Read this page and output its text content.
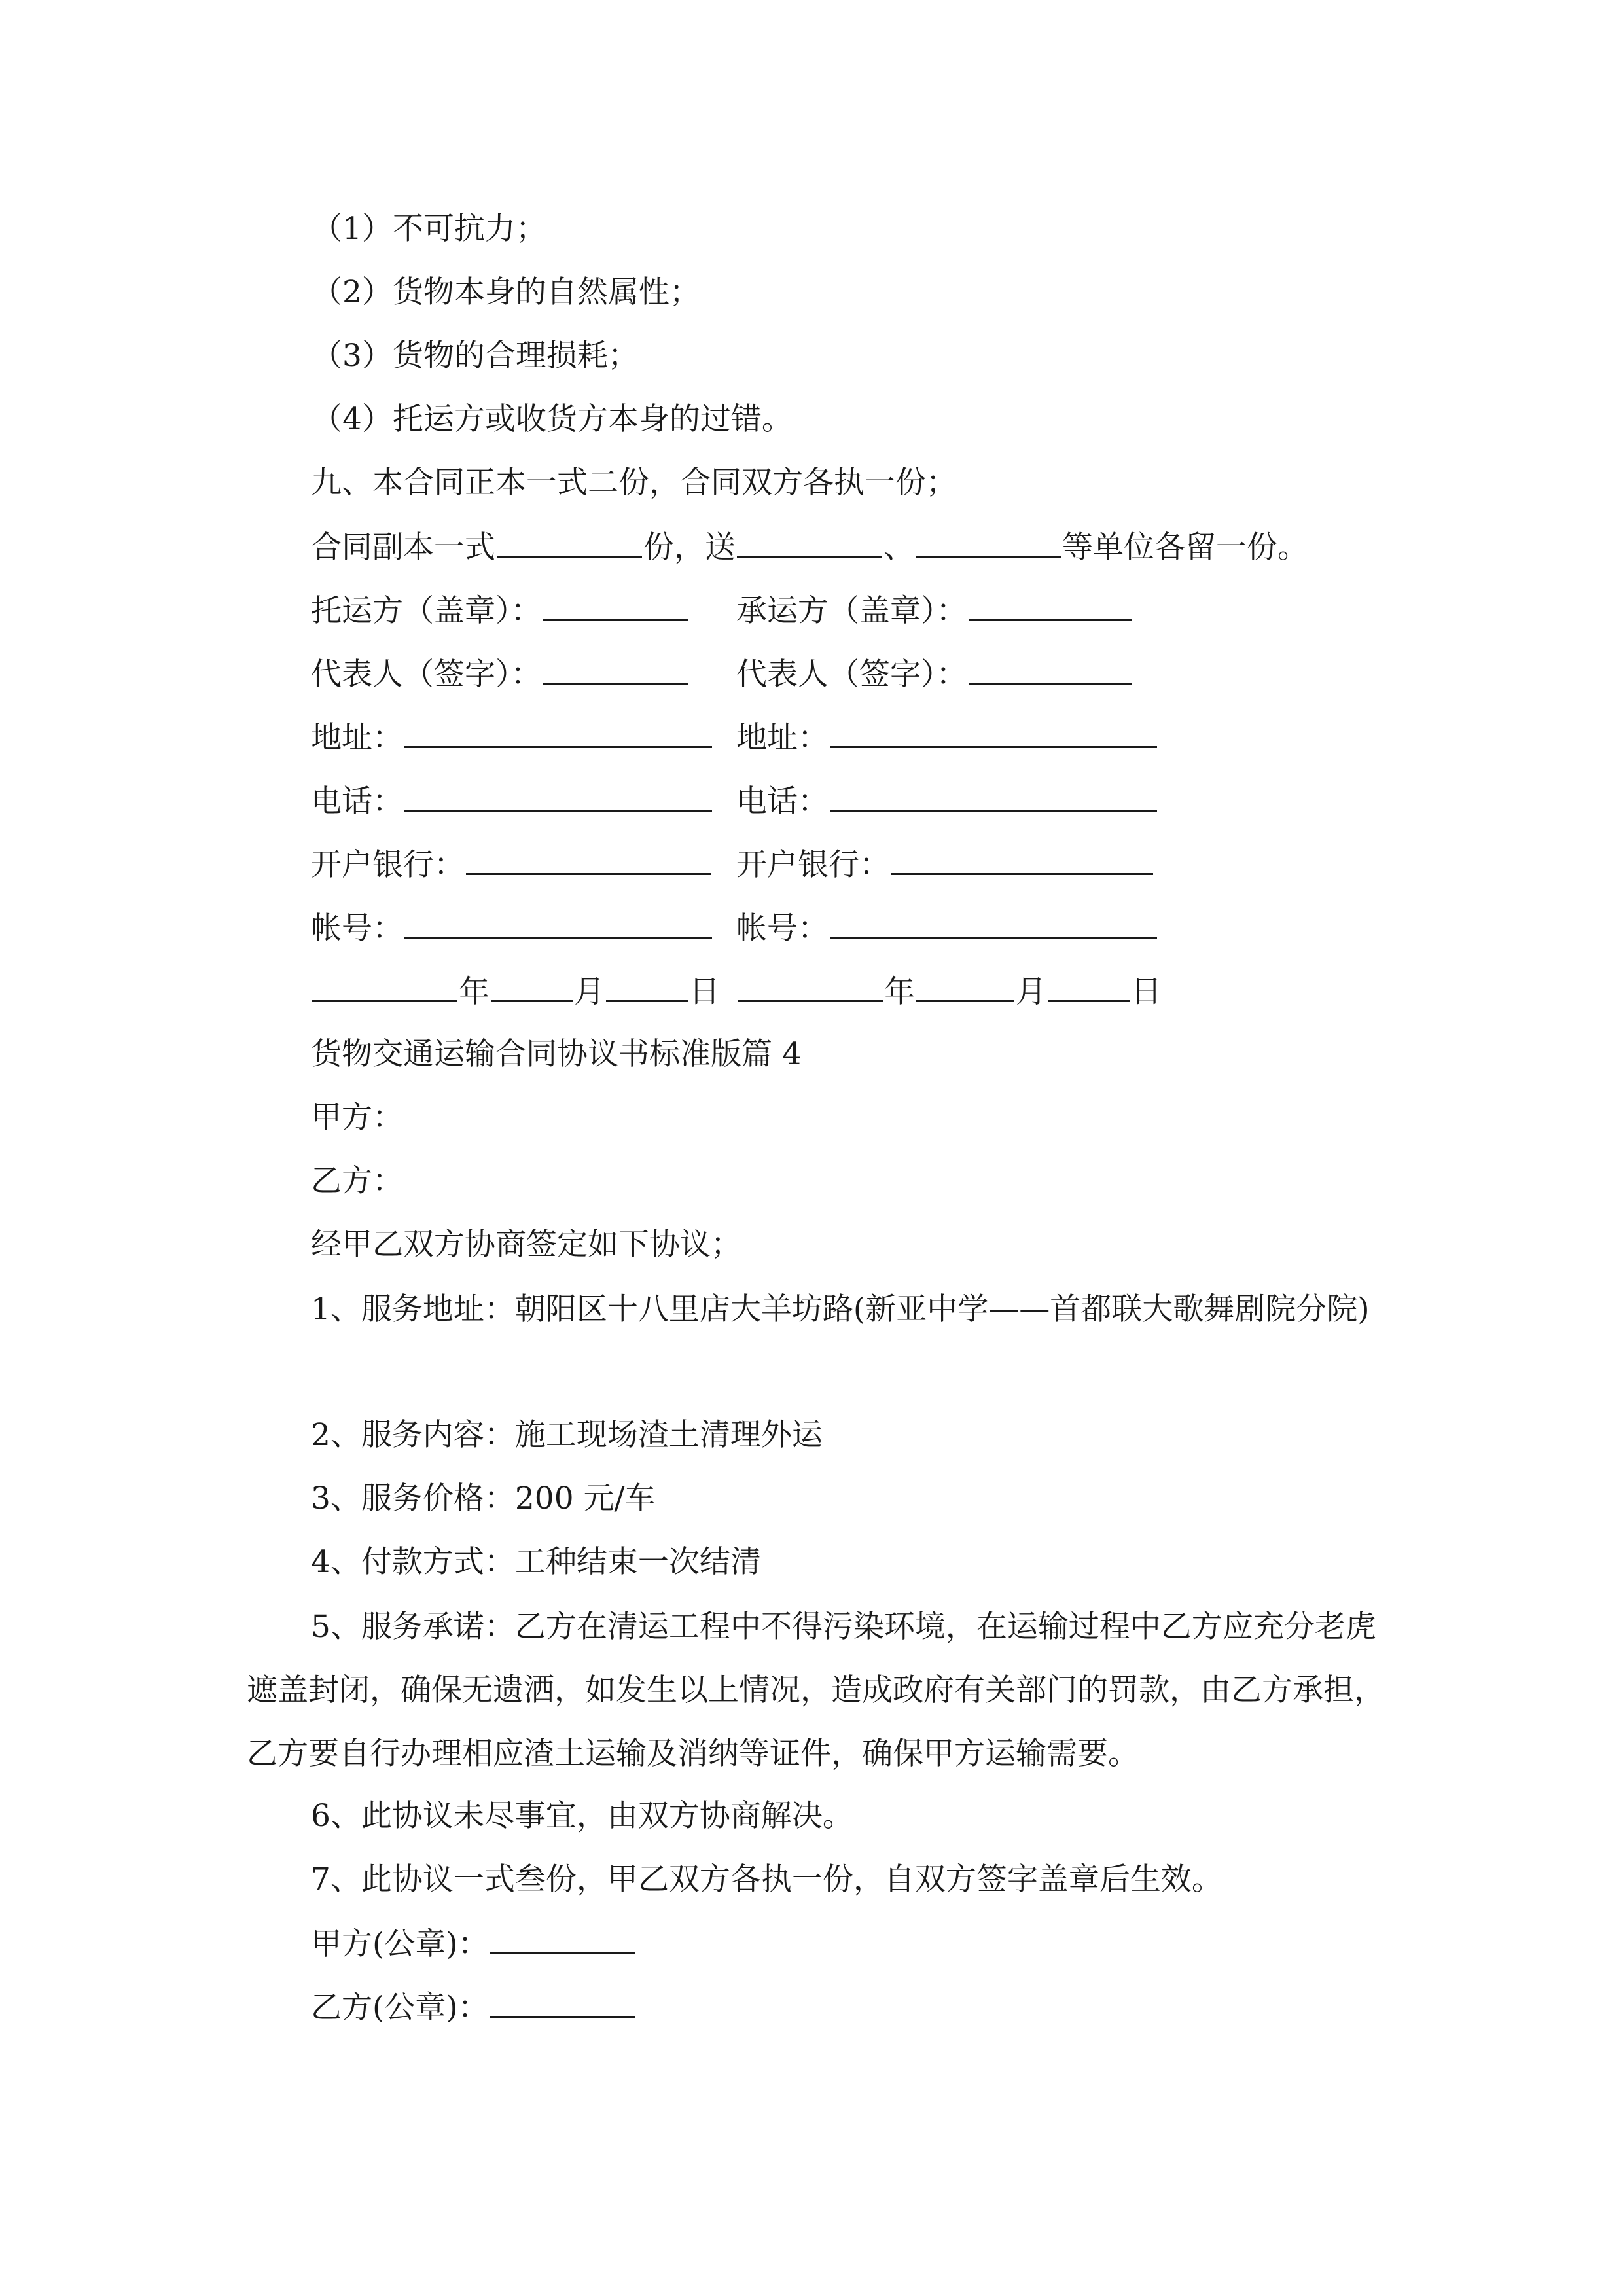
（1）不可抗力；
（2）货物本身的自然属性；
（3）货物的合理损耗；
（4）托运方或收货方本身的过错。
九、本合同正本一式二份，合同双方各执一份；
合同副本一式	份，送	、	等单位各留一份。
托运方（盖章）：	承运方（盖章）：
代表人（签字）：	代表人（签字）：
地址：	地址：
电话：	电话：
开户银行：	开户银行：
帐号：	帐号：
年	月	日	年	月	日
货物交通运输合同协议书标准版篇 4
甲方：
乙方：
经甲乙双方协商签定如下协议；
1、服务地址：朝阳区十八里店大羊坊路(新亚中学——首都联大歌舞剧院分院)
2、服务内容：施工现场渣土清理外运
3、服务价格：200 元/车
4、付款方式：工种结束一次结清
5、服务承诺：乙方在清运工程中不得污染环境，在运输过程中乙方应充分老虎遮盖封闭，确保无遗洒，如发生以上情况，造成政府有关部门的罚款，由乙方承担，乙方要自行办理相应渣土运输及消纳等证件，确保甲方运输需要。
6、此协议未尽事宜，由双方协商解决。
7、此协议一式叁份，甲乙双方各执一份，自双方签字盖章后生效。
甲方(公章)：
乙方(公章)：
